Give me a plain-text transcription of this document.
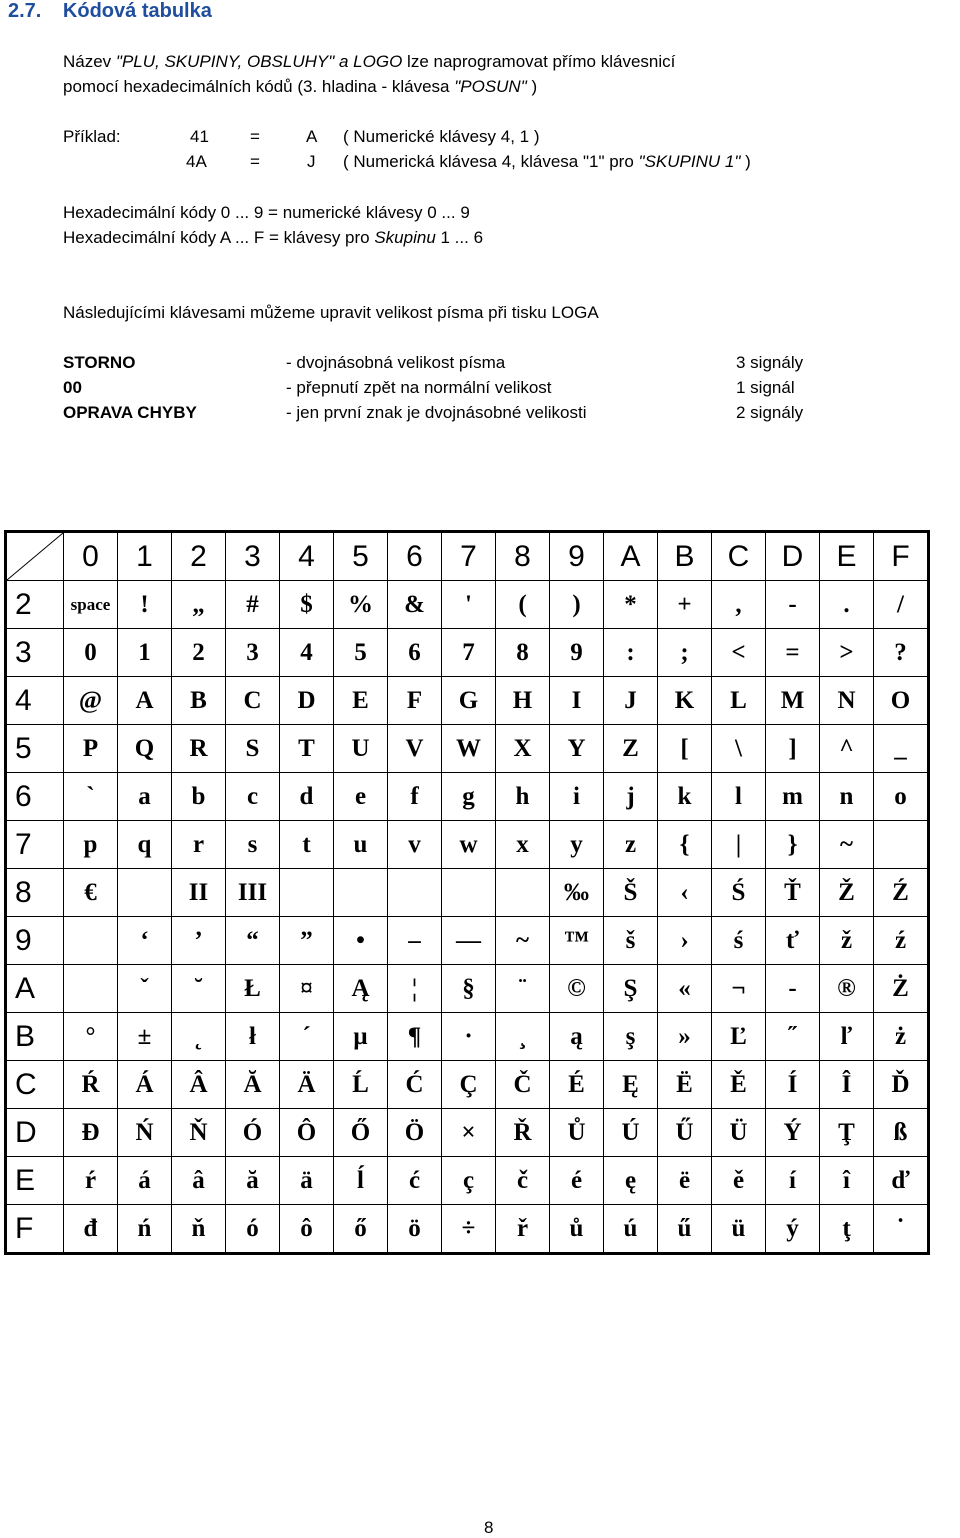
2.7. Kódová tabulka
Název "PLU, SKUPINY, OBSLUHY" a LOGO lze naprogramovat přímo klávesnicí
pomocí hexadecimálních kódů (3. hladina - klávesa "POSUN" )
Příklad:	41 =	A ( Numerické klávesy 4, 1 )
4A	=	J ( Numerická klávesa 4, klávesa "1" pro "SKUPINU 1" )
Hexadecimální kódy 0 ... 9 = numerické klávesy 0 ... 9
Hexadecimální kódy A ... F = klávesy pro Skupinu 1 ... 6
Následujícími klávesami můžeme upravit velikost písma při tisku LOGA
STORNO	- dvojnásobná velikost písma	3 signály
00	- přepnutí zpět na normální velikost	1 signál
OPRAVA CHYBY	- jen první znak je dvojnásobné velikosti	2 signály
	0	1	2	3	4	5	6	7	8	9	A	B	C	D	E	F
2	space	!	„	#	$	%	&	'	(	)	*	+	,	-	.	/
3	0	1	2	3	4	5	6	7	8	9	:	;	<	=	>	?
4	@	A	B	C	D	E	F	G	H	I	J	K	L	M	N	O
5	P	Q	R	S	T	U	V	W	X	Y	Z	[	\	]	^	_
6	`	a	b	c	d	e	f	g	h	i	j	k	l	m	n	o
7	p	q	r	s	t	u	v	w	x	y	z	{	|	}	~	
8	€		II	III						‰	Š	‹	Ś	Ť	Ž	Ź
9		‘	’	“	”	•	–	—	~	™	š	›	ś	ť	ž	ź
A		ˇ	˘	Ł	¤	Ą	¦	§	¨	©	Ş	«	¬	-	®	Ż
B	°	±	˛	ł	´	µ	¶	·	¸	ą	ş	»	Ľ	˝	ľ	ż
C	Ŕ	Á	Â	Ă	Ä	Ĺ	Ć	Ç	Č	É	Ę	Ë	Ě	Í	Î	Ď
D	Đ	Ń	Ň	Ó	Ô	Ő	Ö	×	Ř	Ů	Ú	Ű	Ü	Ý	Ţ	ß
E	ŕ	á	â	ă	ä	ĺ	ć	ç	č	é	ę	ë	ě	í	î	ď
F	đ	ń	ň	ó	ô	ő	ö	÷	ř	ů	ú	ű	ü	ý	ţ	˙
8
